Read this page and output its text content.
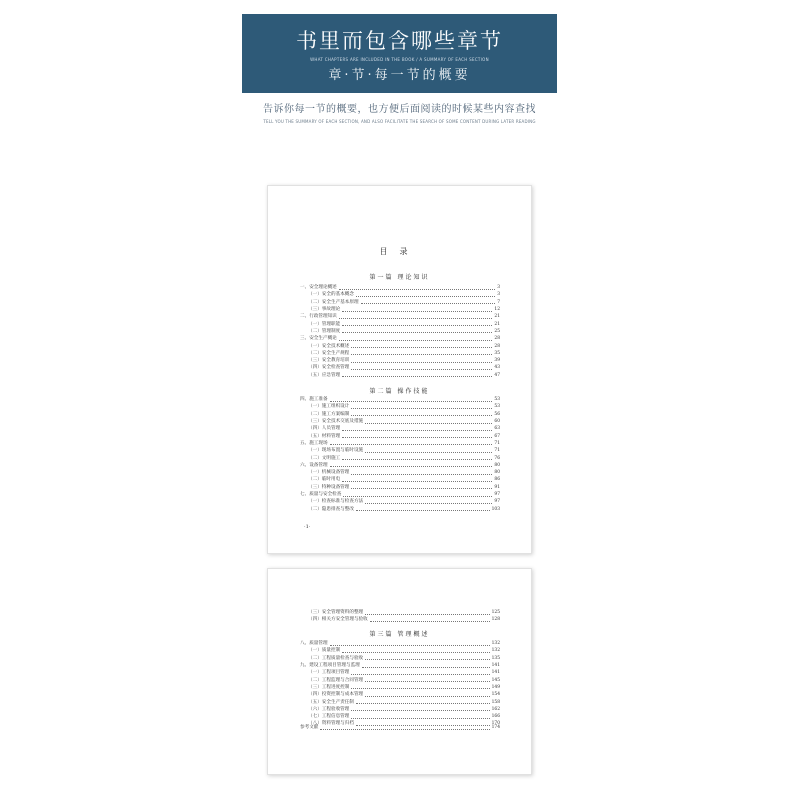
书里而包含哪些章节
WHAT CHAPTERS ARE INCLUDED IN THE BOOK / A SUMMARY OF EACH SECTION
章·节·每一节的概要
告诉你每一节的概要，也方便后面阅读的时候某些内容查找
TELL YOU THE SUMMARY OF EACH SECTION, AND ALSO FACILITATE THE SEARCH OF SOME CONTENT DURING LATER READING
目录
第一篇 理论知识
一、安全理论概述	3
（一）安全的基本概念	3
（二）安全生产基本原理	7
（三）事故理论	12
二、行政管理知识	21
（一）管理职能	21
（二）管理制度	25
三、安全生产概论	28
（一）安全技术概述	28
（二）安全生产规程	35
（三）安全教育培训	39
（四）安全检查管理	43
（五）应急管理	47
第二篇 操作技能
四、施工准备	53
（一）施工组织设计	53
（二）施工方案编制	56
（三）安全技术交底及措施	60
（四）人员管理	63
（五）材料管理	67
五、施工现场	71
（一）现场布置与临时设施	71
（二）文明施工	76
六、设备管理	80
（一）机械设备管理	80
（二）临时用电	86
（三）特种设备管理	91
七、质量与安全检查	97
（一）检查标准与检查方法	97
（二）隐患排查与整改	103
·1·
（三）安全管理资料的整理	125
（四）相关方安全管理与验收	128
第三篇 管理概述
八、质量管理	132
（一）质量控制	132
（二）工程质量检查与验收	135
九、建设工程项目管理与监理	141
（一）工程项目管理	141
（二）工程监理与合同管理	145
（三）工程进度控制	149
（四）投资控制与成本管理	154
（五）安全生产责任制	158
（六）工程验收管理	162
（七）工程信息管理	166
（八）资料管理与归档	170
参考文献	174
